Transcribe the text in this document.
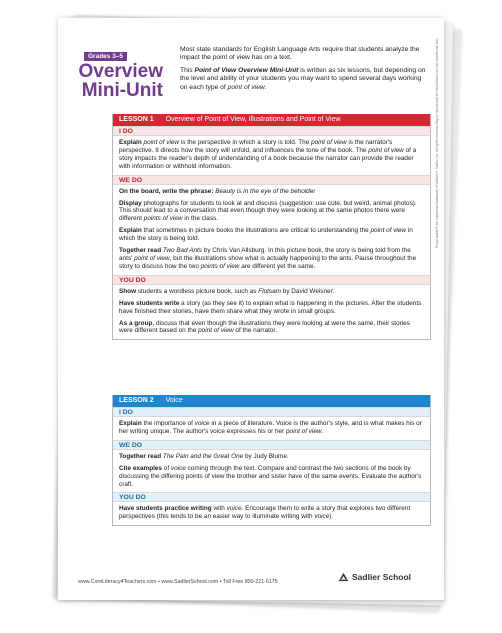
Grades 3–5
Overview
Mini-Unit

Most state standards for English Language Arts require that students analyze the impact the point of view has on a text.

This Point of View Overview Mini-Unit is written as six lessons, but depending on the level and ability of your students you may want to spend several days working on each type of point of view.

LESSON 1 Overview of Point of View, Illustrations and Point of View
I DO

Explain point of view is the perspective in which a story is told. The point of view is the narrator's perspective. It directs how the story will unfold, and influences the tone of the book. The point of view of a story impacts the reader's depth of understanding of a book because the narrator can provide the reader with information or withhold information.

WE DO

On the board, write the phrase: Beauty is in the eye of the beholder

Display photographs for students to look at and discuss (suggestion: use cute, but weird, animal photos). This should lead to a conversation that even though they were looking at the same photos there were different points of view in the class.

Explain that sometimes in picture books the illustrations are critical to understanding the point of view in which the story is being told.

Together read Two Bad Ants by Chris Van Allsburg. In this picture book, the story is being told from the ants' point of view, but the illustrations show what is actually happening to the ants. Pause throughout the story to discuss how the two points of view are different yet the same.

YOU DO

Show students a wordless picture book, such as Flotsam by David Weisner.

Have students write a story (as they see it) to explain what is happening in the pictures. After the students have finished their stories, have them share what they wrote in small groups.

As a group, discuss that even though the illustrations they were looking at were the same, their stories were different based on the point of view of the narrator.

LESSON 2 Voice
I DO

Explain the importance of voice in a piece of literature. Voice is the author's style, and is what makes his or her writing unique. The author's voice expresses his or her point of view.

WE DO

Together read The Pain and the Great One by Judy Blume.

Cite examples of voice coming through the text. Compare and contrast the two sections of the book by discussing the differing points of view the brother and sister have of the same events. Evaluate the author's craft.

YOU DO

Have students practice writing with voice. Encourage them to write a story that explores two different perspectives (this tends to be an easier way to illuminate writing with voice).

® and Sadlier® are registered trademarks of William H. Sadlier, Inc. All rights reserved. May be reproduced for educational use (not commercial use).
www.CoreLiteracy4Teachers.com • www.SadlierSchool.com • Toll Free 800-221-5175
Sadlier School
